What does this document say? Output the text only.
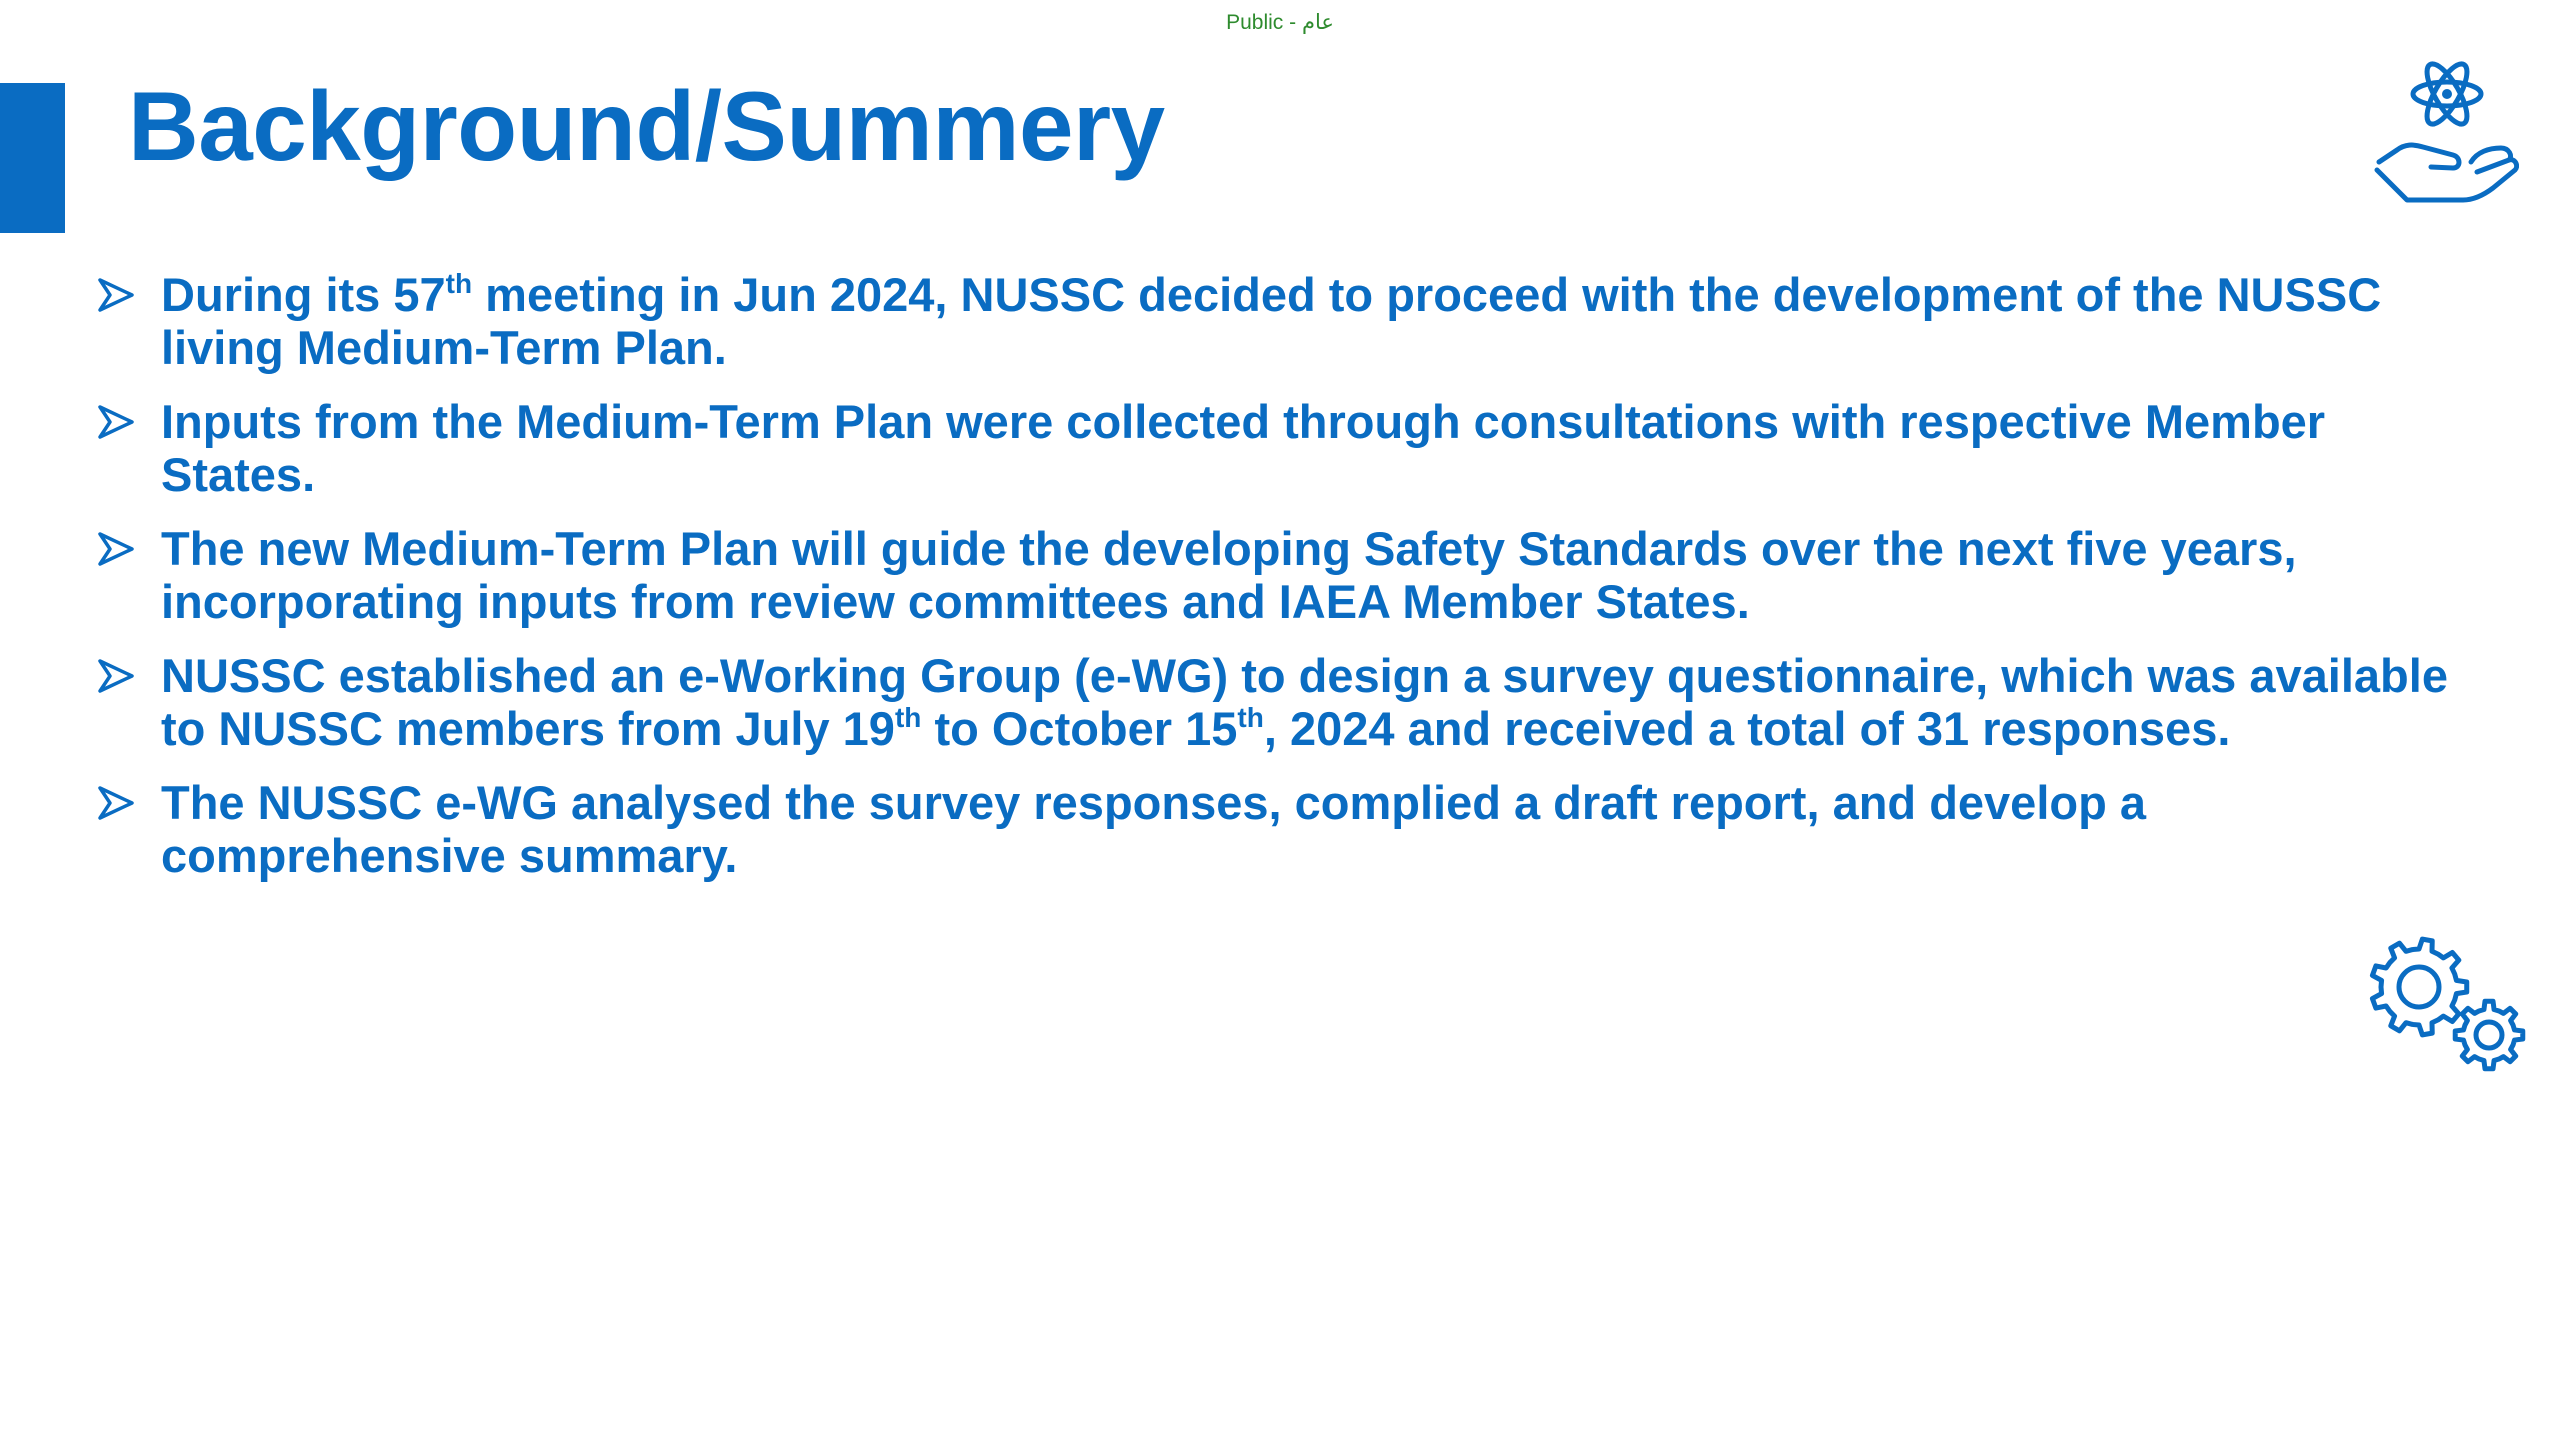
Public - عام
Background/Summery
During its 57th meeting in Jun 2024, NUSSC decided to proceed with the development of the NUSSC living Medium-Term Plan.
Inputs from the Medium-Term Plan were collected through consultations with respective Member States.
The new Medium-Term Plan will guide the developing Safety Standards over the next five years, incorporating inputs from review committees and IAEA Member States.
NUSSC established an e-Working Group (e-WG) to design a survey questionnaire, which was available to NUSSC members from July 19th to October 15th, 2024 and received a total of 31 responses.
The NUSSC e-WG analysed the survey responses, complied a draft report, and develop a comprehensive summary.
